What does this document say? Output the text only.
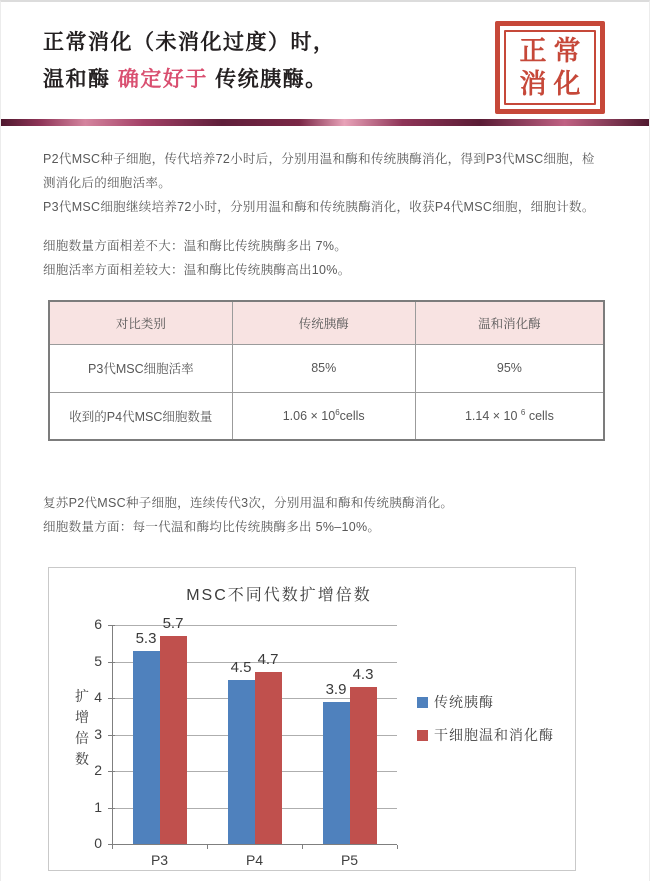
正常消化（未消化过度）时，
温和酶 确定好于 传统胰酶。
正常
消化

P2代MSC种子细胞，传代培养72小时后，分别用温和酶和传统胰酶消化，得到P3代MSC细胞，检测消化后的细胞活率。

P3代MSC细胞继续培养72小时，分别用温和酶和传统胰酶消化，收获P4代MSC细胞，细胞计数。

细胞数量方面相差不大：温和酶比传统胰酶多出 7%。

细胞活率方面相差较大：温和酶比传统胰酶高出10%。

对比类别	传统胰酶	温和消化酶
P3代MSC细胞活率	85%	95%
收到的P4代MSC细胞数量	$1.06 \times 10^6cells$	1.14 × 10 $^6$ cells

复苏P2代MSC种子细胞，连续传代3次，分别用温和酶和传统胰酶消化。

细胞数量方面：每一代温和酶均比传统胰酶多出 5%–10%。

MSC不同代数扩增倍数
扩
增
倍
数
0
1
2
3
4
5
6
5.3
5.7
P3
4.5 4.7
P4
3.9
4.3
P5
传统胰酶
干细胞温和消化酶
